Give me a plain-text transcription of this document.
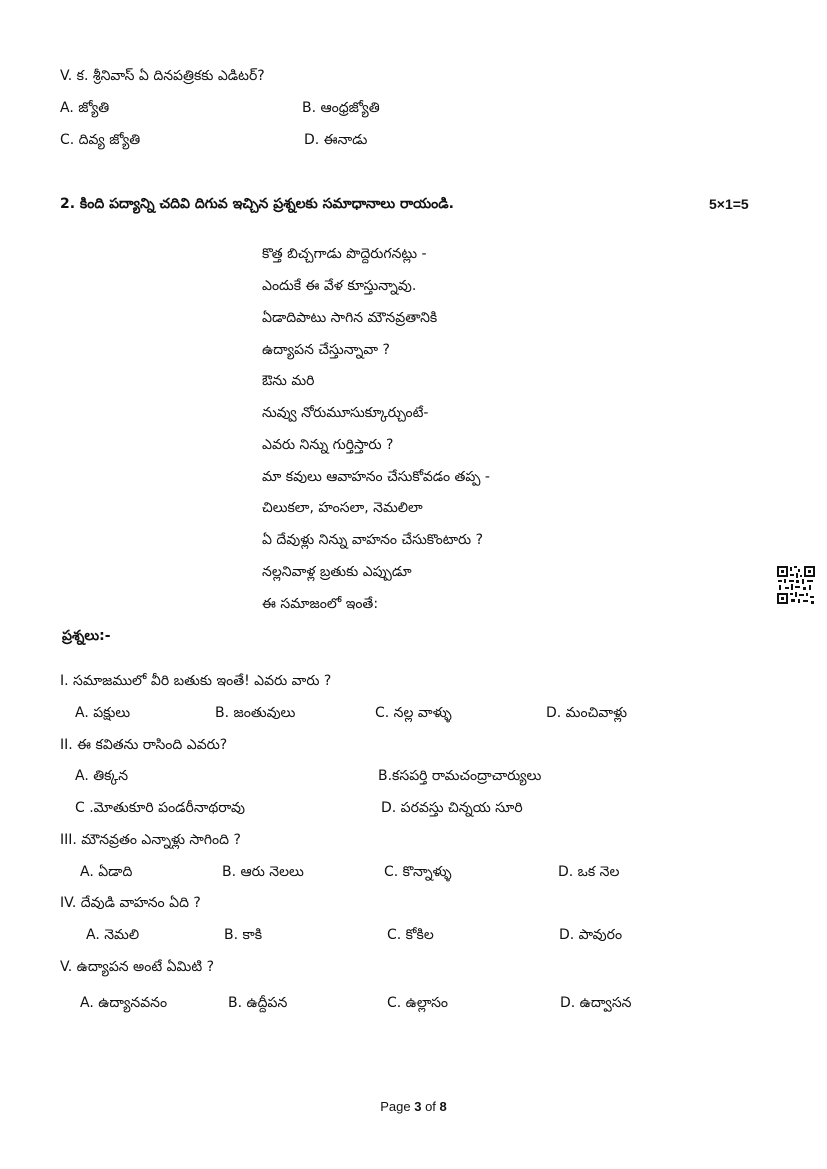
V. క. శ్రీనివాస్ ఏ దినపత్రికకు ఎడిటర్?
A. జ్యోతి	B. ఆంధ్రజ్యోతి
C. దివ్య జ్యోతి	D. ఈనాడు
2. కింది పద్యాన్ని చదివి దిగువ ఇచ్చిన ప్రశ్నలకు సమాధానాలు రాయండి.	5×1=5
కొత్త బిచ్చగాడు పొద్దెరుగనట్లు -
ఎందుకే ఈ వేళ కూస్తున్నావు.
ఏడాదిపాటు సాగిన మౌనవ్రతానికి
ఉద్యాపన చేస్తున్నావా ?
ఔను మరి
నువ్వు నోరుమూసుక్కూర్చుంటే-
ఎవరు నిన్ను గుర్తిస్తారు ?
మా కవులు ఆవాహనం చేసుకోవడం తప్ప -
చిలుకలా, హంసలా, నెమలిలా
ఏ దేవుళ్లు నిన్ను వాహనం చేసుకొంటారు ?
నల్లనివాళ్ల బ్రతుకు ఎప్పుడూ
ఈ సమాజంలో ఇంతే:
ప్రశ్నలు:-
I. సమాజములో వీరి బతుకు ఇంతే! ఎవరు వారు ?
A. పక్షులు	B. జంతువులు	C. నల్ల వాళ్ళు	D. మంచివాళ్లు
II. ఈ కవితను రాసింది ఎవరు?
A. తిక్కన	B.కసపర్తి రామచంద్రాచార్యులు
C .మోతుకూరి పండరీనాథరావు	D. పరవస్తు చిన్నయ సూరి
III. మౌనవ్రతం ఎన్నాళ్లు సాగింది ?
A. ఏడాది	B. ఆరు నెలలు	C. కొన్నాళ్ళు	D. ఒక నెల
IV. దేవుడి వాహనం ఏది ?
A. నెమలి	B. కాకి	C. కోకిల	D. పావురం
V. ఉద్యాపన అంటే ఏమిటి ?
A. ఉద్యానవనం	B. ఉద్దీపన	C. ఉల్లాసం	D. ఉద్వాసన
Page 3 of 8
